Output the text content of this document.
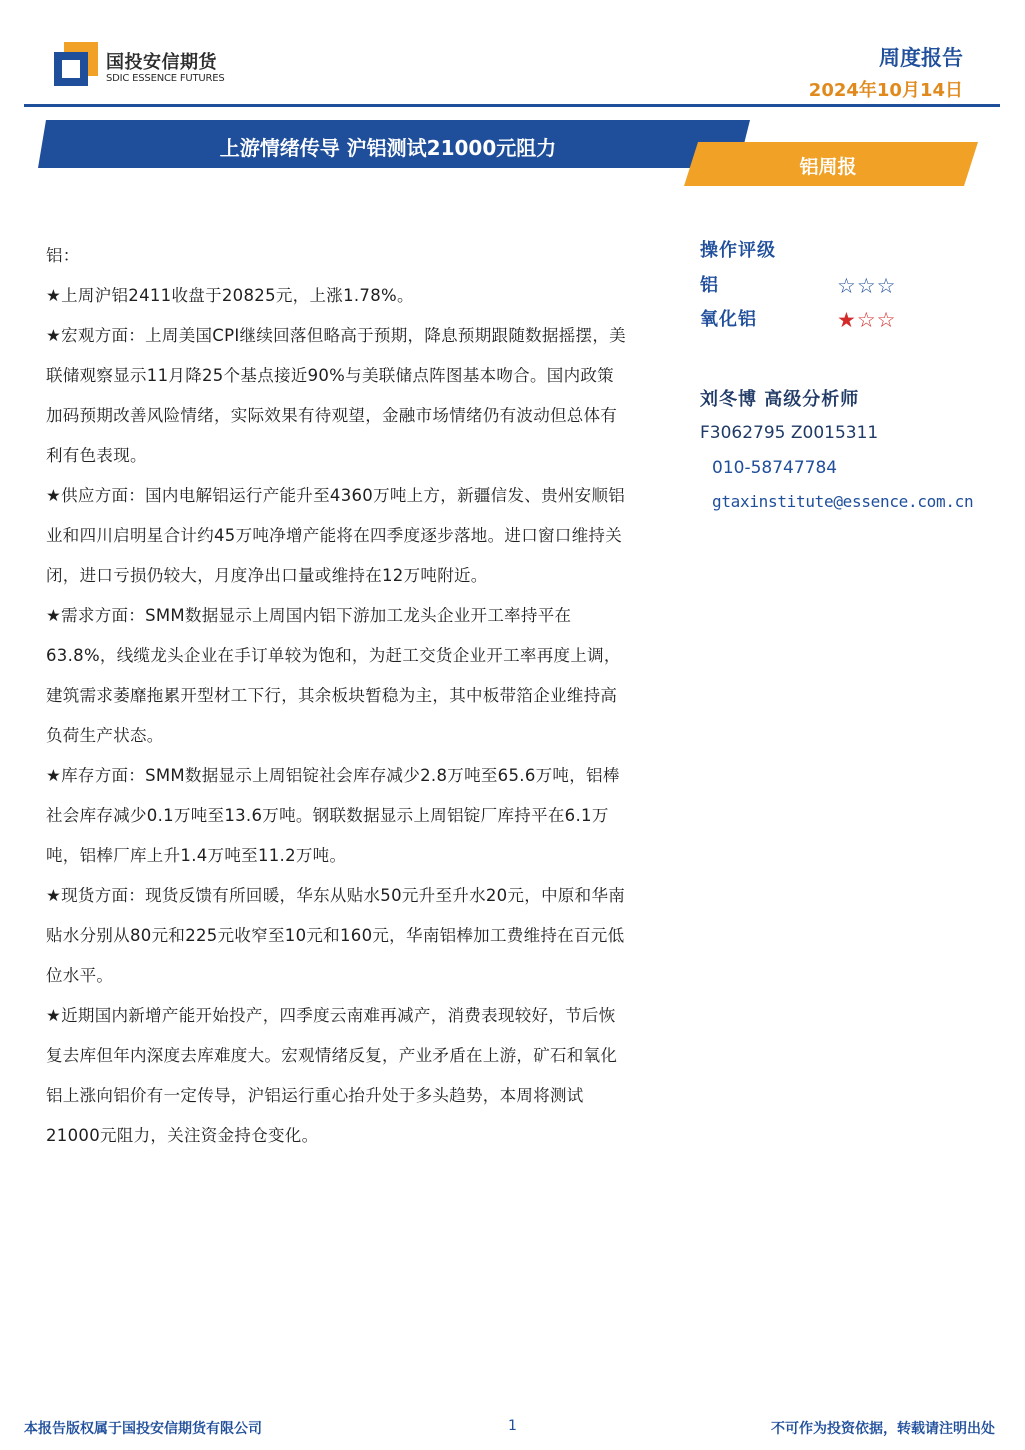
国投安信期货
SDIC ESSENCE FUTURES
周度报告
2024年10月14日
上游情绪传导 沪铝测试21000元阻力
铝周报

铝：

★上周沪铝2411收盘于20825元，上涨1.78%。

★宏观方面：上周美国CPI继续回落但略高于预期，降息预期跟随数据摇摆，美联储观察显示11月降25个基点接近90%与美联储点阵图基本吻合。国内政策加码预期改善风险情绪，实际效果有待观望，金融市场情绪仍有波动但总体有利有色表现。

★供应方面：国内电解铝运行产能升至4360万吨上方，新疆信发、贵州安顺铝业和四川启明星合计约45万吨净增产能将在四季度逐步落地。进口窗口维持关闭，进口亏损仍较大，月度净出口量或维持在12万吨附近。

★需求方面：SMM数据显示上周国内铝下游加工龙头企业开工率持平在63.8%，线缆龙头企业在手订单较为饱和，为赶工交货企业开工率再度上调，建筑需求萎靡拖累开型材工下行，其余板块暂稳为主，其中板带箔企业维持高负荷生产状态。

★库存方面：SMM数据显示上周铝锭社会库存减少2.8万吨至65.6万吨，铝棒社会库存减少0.1万吨至13.6万吨。钢联数据显示上周铝锭厂库持平在6.1万吨，铝棒厂库上升1.4万吨至11.2万吨。

★现货方面：现货反馈有所回暖，华东从贴水50元升至升水20元，中原和华南贴水分别从80元和225元收窄至10元和160元，华南铝棒加工费维持在百元低位水平。

★近期国内新增产能开始投产，四季度云南难再减产，消费表现较好，节后恢复去库但年内深度去库难度大。宏观情绪反复，产业矛盾在上游，矿石和氧化铝上涨向铝价有一定传导，沪铝运行重心抬升处于多头趋势，本周将测试21000元阻力，关注资金持仓变化。

操作评级
铝	☆☆☆
氧化铝	★☆☆
刘冬博 高级分析师
F3062795 Z0015311
010-58747784
gtaxinstitute@essence.com.cn
本报告版权属于国投安信期货有限公司	1	不可作为投资依据，转载请注明出处
